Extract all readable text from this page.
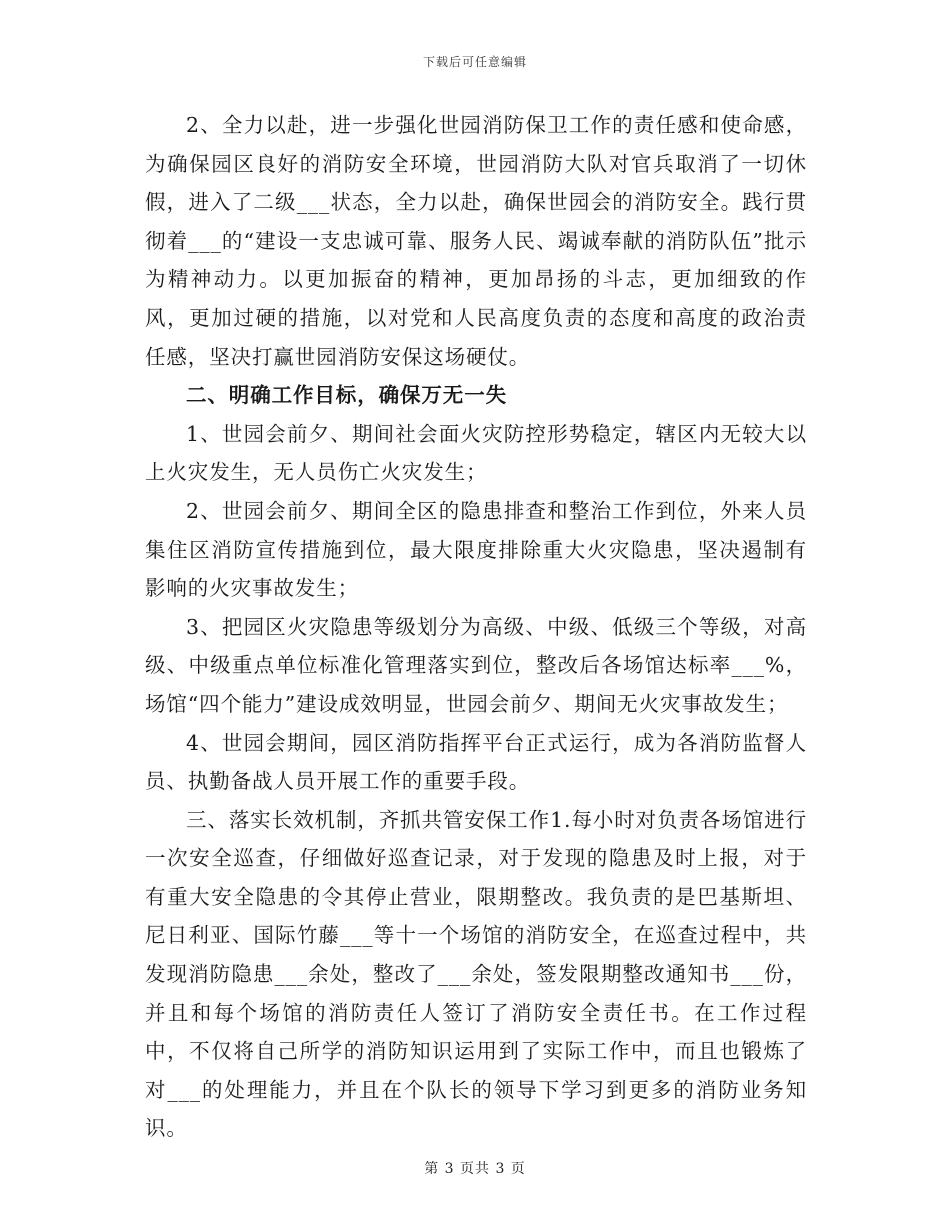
下载后可任意编辑

2、全力以赴，进一步强化世园消防保卫工作的责任感和使命感，为确保园区良好的消防安全环境，世园消防大队对官兵取消了一切休假，进入了二级___状态，全力以赴，确保世园会的消防安全。践行贯彻着___的“建设一支忠诚可靠、服务人民、竭诚奉献的消防队伍”批示为精神动力。以更加振奋的精神，更加昂扬的斗志，更加细致的作风，更加过硬的措施，以对党和人民高度负责的态度和高度的政治责任感，坚决打赢世园消防安保这场硬仗。

二、明确工作目标，确保万无一失

1、世园会前夕、期间社会面火灾防控形势稳定，辖区内无较大以上火灾发生，无人员伤亡火灾发生；

2、世园会前夕、期间全区的隐患排查和整治工作到位，外来人员集住区消防宣传措施到位，最大限度排除重大火灾隐患，坚决遏制有影响的火灾事故发生；

3、把园区火灾隐患等级划分为高级、中级、低级三个等级，对高级、中级重点单位标准化管理落实到位，整改后各场馆达标率___%，场馆“四个能力”建设成效明显，世园会前夕、期间无火灾事故发生；

4、世园会期间，园区消防指挥平台正式运行，成为各消防监督人员、执勤备战人员开展工作的重要手段。

三、落实长效机制，齐抓共管安保工作1.每小时对负责各场馆进行一次安全巡查，仔细做好巡查记录，对于发现的隐患及时上报，对于有重大安全隐患的令其停止营业，限期整改。我负责的是巴基斯坦、尼日利亚、国际竹藤___等十一个场馆的消防安全，在巡查过程中，共发现消防隐患___余处，整改了___余处，签发限期整改通知书___份，并且和每个场馆的消防责任人签订了消防安全责任书。在工作过程中，不仅将自己所学的消防知识运用到了实际工作中，而且也锻炼了对___的处理能力，并且在个队长的领导下学习到更多的消防业务知识。

第 3 页共 3 页
